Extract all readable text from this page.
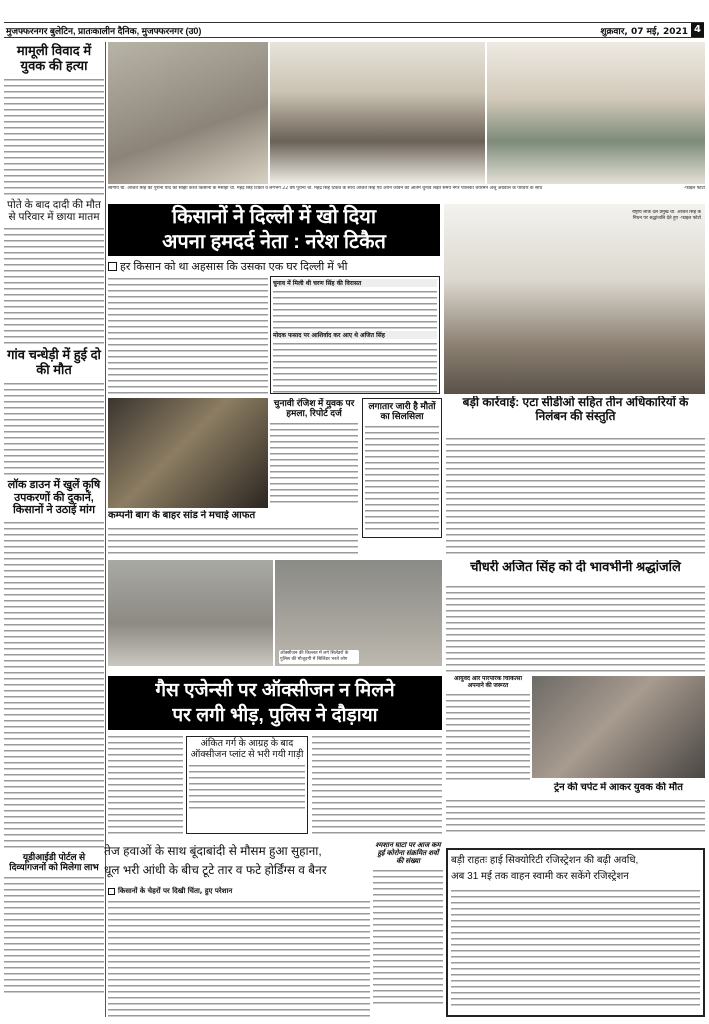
मुजफ्फरनगर बुलेटिन, प्रातःकालीन दैनिक, मुजफ्फरनगर (उ0)	शुक्रवार, 07 मई, 2021 4
मामूली विवाद में युवक की हत्या
पोते के बाद दादी की मौत से परिवार में छाया मातम
गांव चन्धेड़ी में हुई दो की मौत
लॉक डाउन में खुलें कृषि उपकरणों की दुकानें, किसानों ने उठाई मांग
यूडीआईडी पोर्टल से दिव्यांगजनों को मिलेगा लाभ
स्वर्गीय चौ. अजित सिंह की पुरानी यादें को साझा करते किसानों के मसीहा चौ. महेंद्र सिंह टिकैत व लगभग 22 वर्ष पूराना चौ. महेंद्र सिंह टिकैत के साथ अजित सिंह एवं अपने जीवन का अंतिम चुनाव लड़ते समय नगर पालिका चेयरमैन अंजू अग्रवाल के परिवार के साथ	-फाइल फोटो
किसानों ने दिल्ली में खो दिया
अपना हमदर्द नेता : नरेश टिकैत
हर किसान को था अहसास कि उसका एक घर दिल्ली में भी
चुनाव में मिली थी चरण सिंह की विरासत
मोदक फसाद पर आशिर्वाद कर आए थे अजित सिंह
राष्ट्रीय लोक दल प्रमुख चौ. अजित सिंह के निधन पर श्रद्धांजलि देते हुए -फाइल फोटो
चुनावी रंजिश में युवक पर हमला, रिपोर्ट दर्ज
लगातार जारी है मौतों का सिलसिला
कम्पनी बाग के बाहर सांड ने मचाई आफत
बड़ी कार्रवाई: एटा सीडीओ सहित तीन अधिकारियों के निलंबन की संस्तुति
ऑक्सीजन की किल्लत में लगे सिलेंडरों के पुलिस की मौजूदगी में सिलिंडर भरते लोग
चौधरी अजित सिंह को दी भावभीनी श्रद्धांजलि
गैस एजेन्सी पर ऑक्सीजन न मिलने
पर लगी भीड़, पुलिस ने दौड़ाया
आयुर्वेद और पारंपरिक चिकित्सा अपनाने की जरूरत
अंकित गर्ग के आग्रह के बाद ऑक्सीजन प्लांट से भरी गयी गाड़ी
ट्रेन की चपेट में आकर युवक की मौत
तेज हवाओं के साथ बूंदाबांदी से मौसम हुआ सुहाना,
धूल भरी आंधी के बीच टूटे तार व फटे होर्डिंग्स व बैनर
किसानों के चेहरों पर दिखी चिंता, हुए परेशान
श्मशान घाटों पर आज कम हुई कोरोना संक्रमित शवों की संख्या	बड़ी राहतः हाई सिक्योरिटी रजिस्ट्रेशन की बढ़ी अवधि,
अब 31 मई तक वाहन स्वामी कर सकेंगे रजिस्ट्रेशन
